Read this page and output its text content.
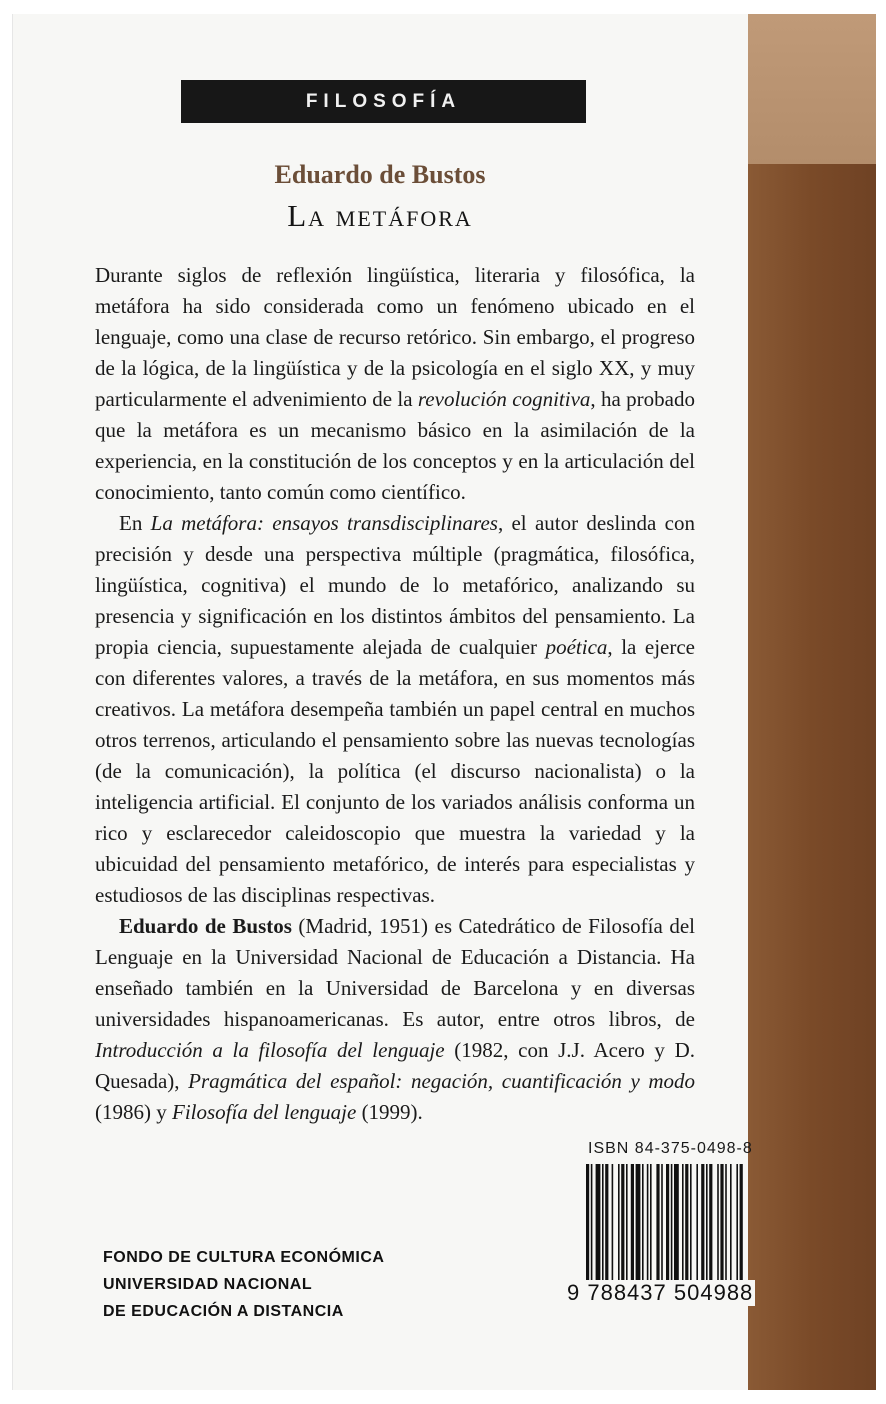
FILOSOFÍA
Eduardo de Bustos
La metáfora

Durante siglos de reflexión lingüística, literaria y filosófica, la metáfora ha sido considerada como un fenómeno ubicado en el lenguaje, como una clase de recurso retórico. Sin embargo, el progreso de la lógica, de la lingüística y de la psicología en el siglo XX, y muy particularmente el advenimiento de la revolución cognitiva, ha probado que la metáfora es un mecanismo básico en la asimilación de la experiencia, en la constitución de los conceptos y en la articulación del conocimiento, tanto común como científico.

En La metáfora: ensayos transdisciplinares, el autor deslinda con precisión y desde una perspectiva múltiple (pragmática, filosófica, lingüística, cognitiva) el mundo de lo metafórico, analizando su presencia y significación en los distintos ámbitos del pensamiento. La propia ciencia, supuestamente alejada de cualquier poética, la ejerce con diferentes valores, a través de la metáfora, en sus momentos más creativos. La metáfora desempeña también un papel central en muchos otros terrenos, articulando el pensamiento sobre las nuevas tecnologías (de la comunicación), la política (el discurso nacionalista) o la inteligencia artificial. El conjunto de los variados análisis conforma un rico y esclarecedor caleidoscopio que muestra la variedad y la ubicuidad del pensamiento metafórico, de interés para especialistas y estudiosos de las disciplinas respectivas.

Eduardo de Bustos (Madrid, 1951) es Catedrático de Filosofía del Lenguaje en la Universidad Nacional de Educación a Distancia. Ha enseñado también en la Universidad de Barcelona y en diversas universidades hispanoamericanas. Es autor, entre otros libros, de Introducción a la filosofía del lenguaje (1982, con J.J. Acero y D. Quesada), Pragmática del español: negación, cuantificación y modo (1986) y Filosofía del lenguaje (1999).

ISBN 84-375-0498-8
9 788437 504988
FONDO DE CULTURA ECONÓMICA
UNIVERSIDAD NACIONAL
DE EDUCACIÓN A DISTANCIA
